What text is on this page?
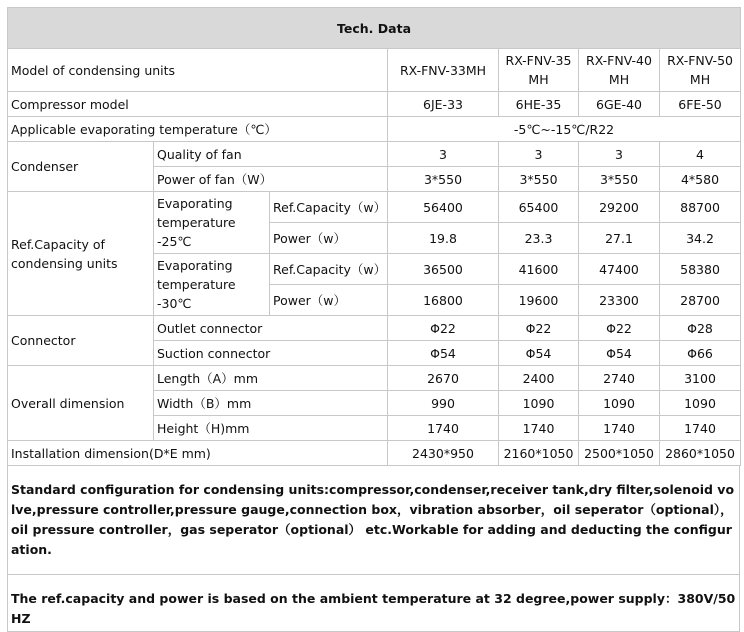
Tech. Data						
Model of condensing units			RX-FNV-33MH	RX-FNV-35 MH	RX-FNV-40 MH	RX-FNV-50 MH
Compressor model			6JE-33	6HE-35	6GE-40	6FE-50
Applicable evaporating temperature（℃）			-5℃~-15℃/R22			
Condenser	Quality of fan		3	3	3	4
	Power of fan（W）		3*550	3*550	3*550	4*580
Ref.Capacity of condensing units	Evaporating temperature -25℃	Ref.Capacity（w）	56400	65400	29200	88700
		Power（w）	19.8	23.3	27.1	34.2
	Evaporating temperature -30℃	Ref.Capacity（w）	36500	41600	47400	58380
		Power（w）	16800	19600	23300	28700
Connector	Outlet connector		Φ22	Φ22	Φ22	Φ28
	Suction connector		Φ54	Φ54	Φ54	Φ66
Overall dimension	Length（A）mm		2670	2400	2740	3100
	Width（B）mm		990	1090	1090	1090
	Height（H)mm		1740	1740	1740	1740
Installation dimension(D*E mm)			2430*950	2160*1050	2500*1050	2860*1050
Standard configuration for condensing units:compressor,condenser,receiver tank,dry filter,solenoid volve,pressure controller,pressure gauge,connection box，vibration absorber，oil seperator（optional），oil pressure controller，gas seperator（optional） etc.Workable for adding and deducting the configuration.
The ref.capacity and power is based on the ambient temperature at 32 degree,power supply：380V/50HZ
